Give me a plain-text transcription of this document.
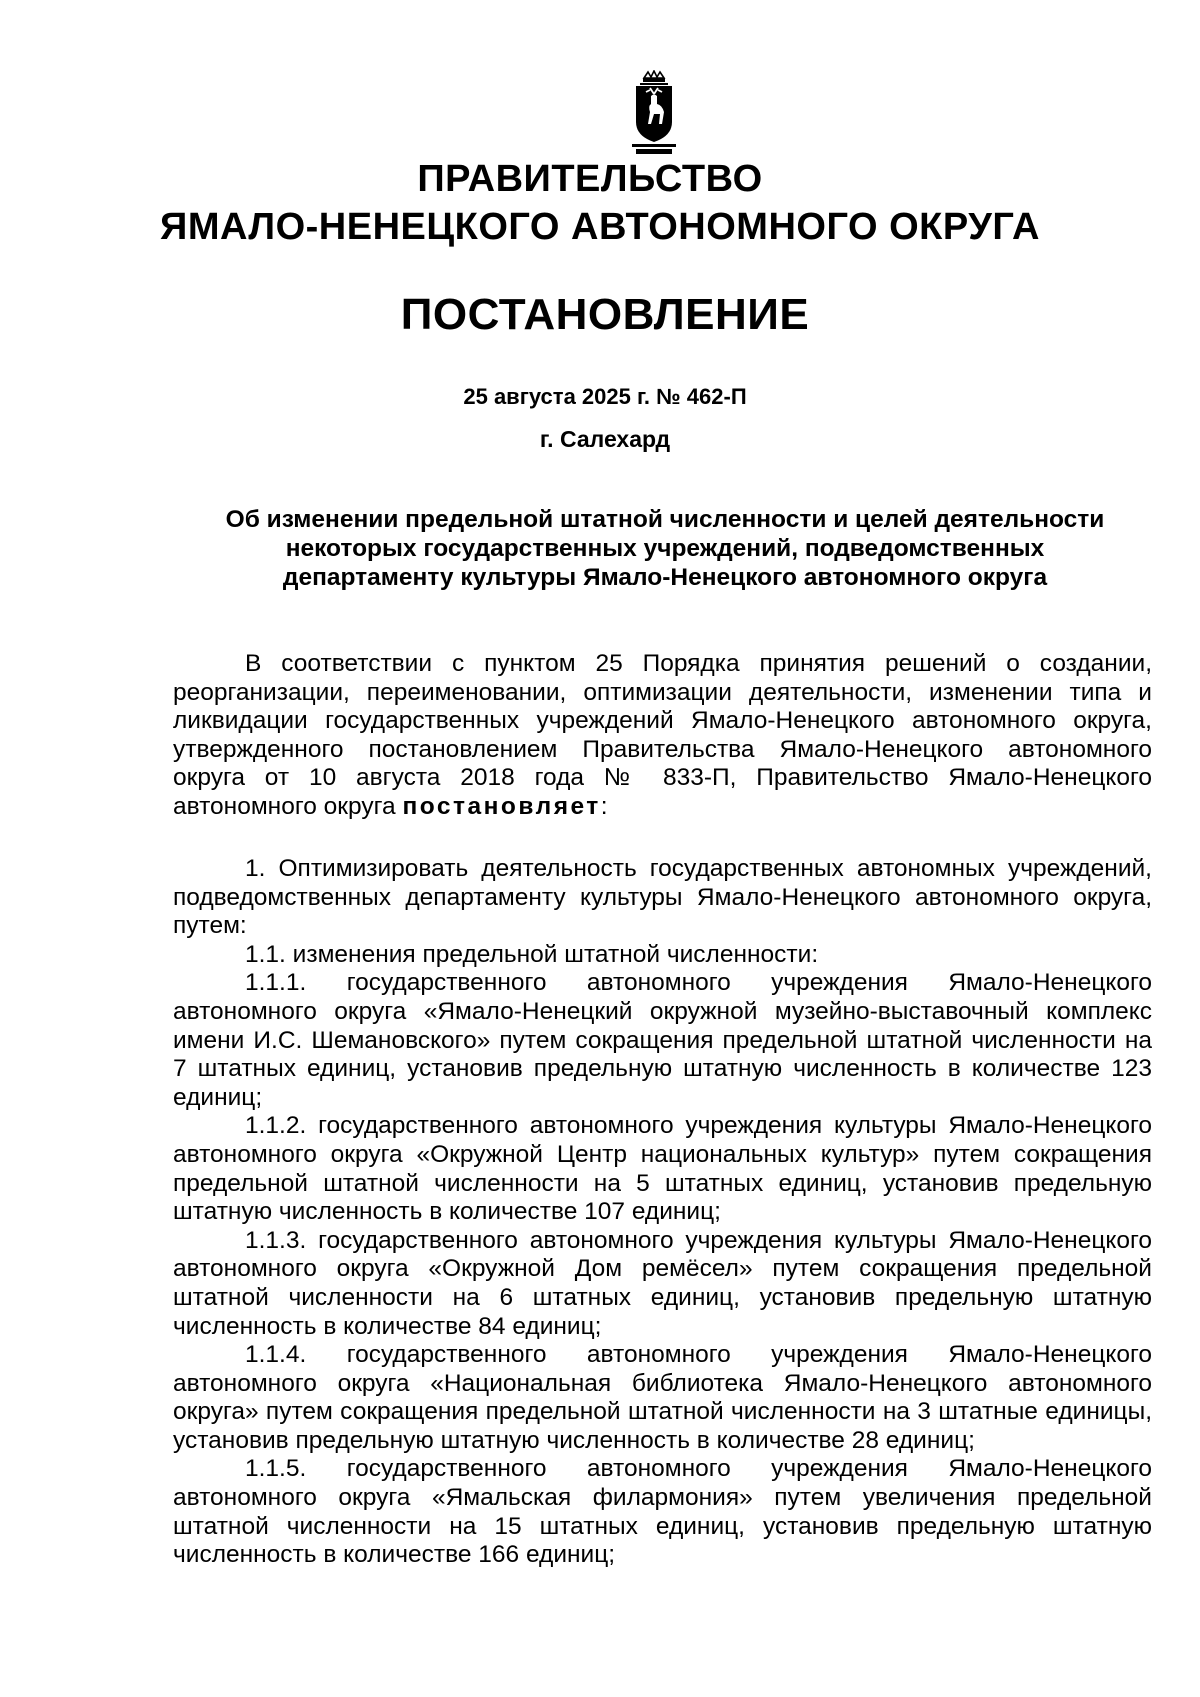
ПРАВИТЕЛЬСТВО
ЯМАЛО-НЕНЕЦКОГО АВТОНОМНОГО ОКРУГА
ПОСТАНОВЛЕНИЕ
25 августа 2025 г. № 462-П
г. Салехард
Об изменении предельной штатной численности и целей деятельности
некоторых государственных учреждений, подведомственных
департаменту культуры Ямало-Ненецкого автономного округа

В соответствии с пунктом 25 Порядка принятия решений о создании, реорганизации, переименовании, оптимизации деятельности, изменении типа и ликвидации государственных учреждений Ямало-Ненецкого автономного округа, утвержденного постановлением Правительства Ямало-Ненецкого автономного округа от 10 августа 2018 года № 833-П, Правительство Ямало-Ненецкого автономного округа постановляет:

1. Оптимизировать деятельность государственных автономных учреждений, подведомственных департаменту культуры Ямало-Ненецкого автономного округа, путем:

1.1. изменения предельной штатной численности:

1.1.1. государственного автономного учреждения Ямало-Ненецкого автономного округа «Ямало-Ненецкий окружной музейно-выставочный комплекс имени И.С. Шемановского» путем сокращения предельной штатной численности на 7 штатных единиц, установив предельную штатную численность в количестве 123 единиц;

1.1.2. государственного автономного учреждения культуры Ямало-Ненецкого автономного округа «Окружной Центр национальных культур» путем сокращения предельной штатной численности на 5 штатных единиц, установив предельную штатную численность в количестве 107 единиц;

1.1.3. государственного автономного учреждения культуры Ямало-Ненецкого автономного округа «Окружной Дом ремёсел» путем сокращения предельной штатной численности на 6 штатных единиц, установив предельную штатную численность в количестве 84 единиц;

1.1.4. государственного автономного учреждения Ямало-Ненецкого автономного округа «Национальная библиотека Ямало-Ненецкого автономного округа» путем сокращения предельной штатной численности на 3 штатные единицы, установив предельную штатную численность в количестве 28 единиц;

1.1.5. государственного автономного учреждения Ямало-Ненецкого автономного округа «Ямальская филармония» путем увеличения предельной штатной численности на 15 штатных единиц, установив предельную штатную численность в количестве 166 единиц;
